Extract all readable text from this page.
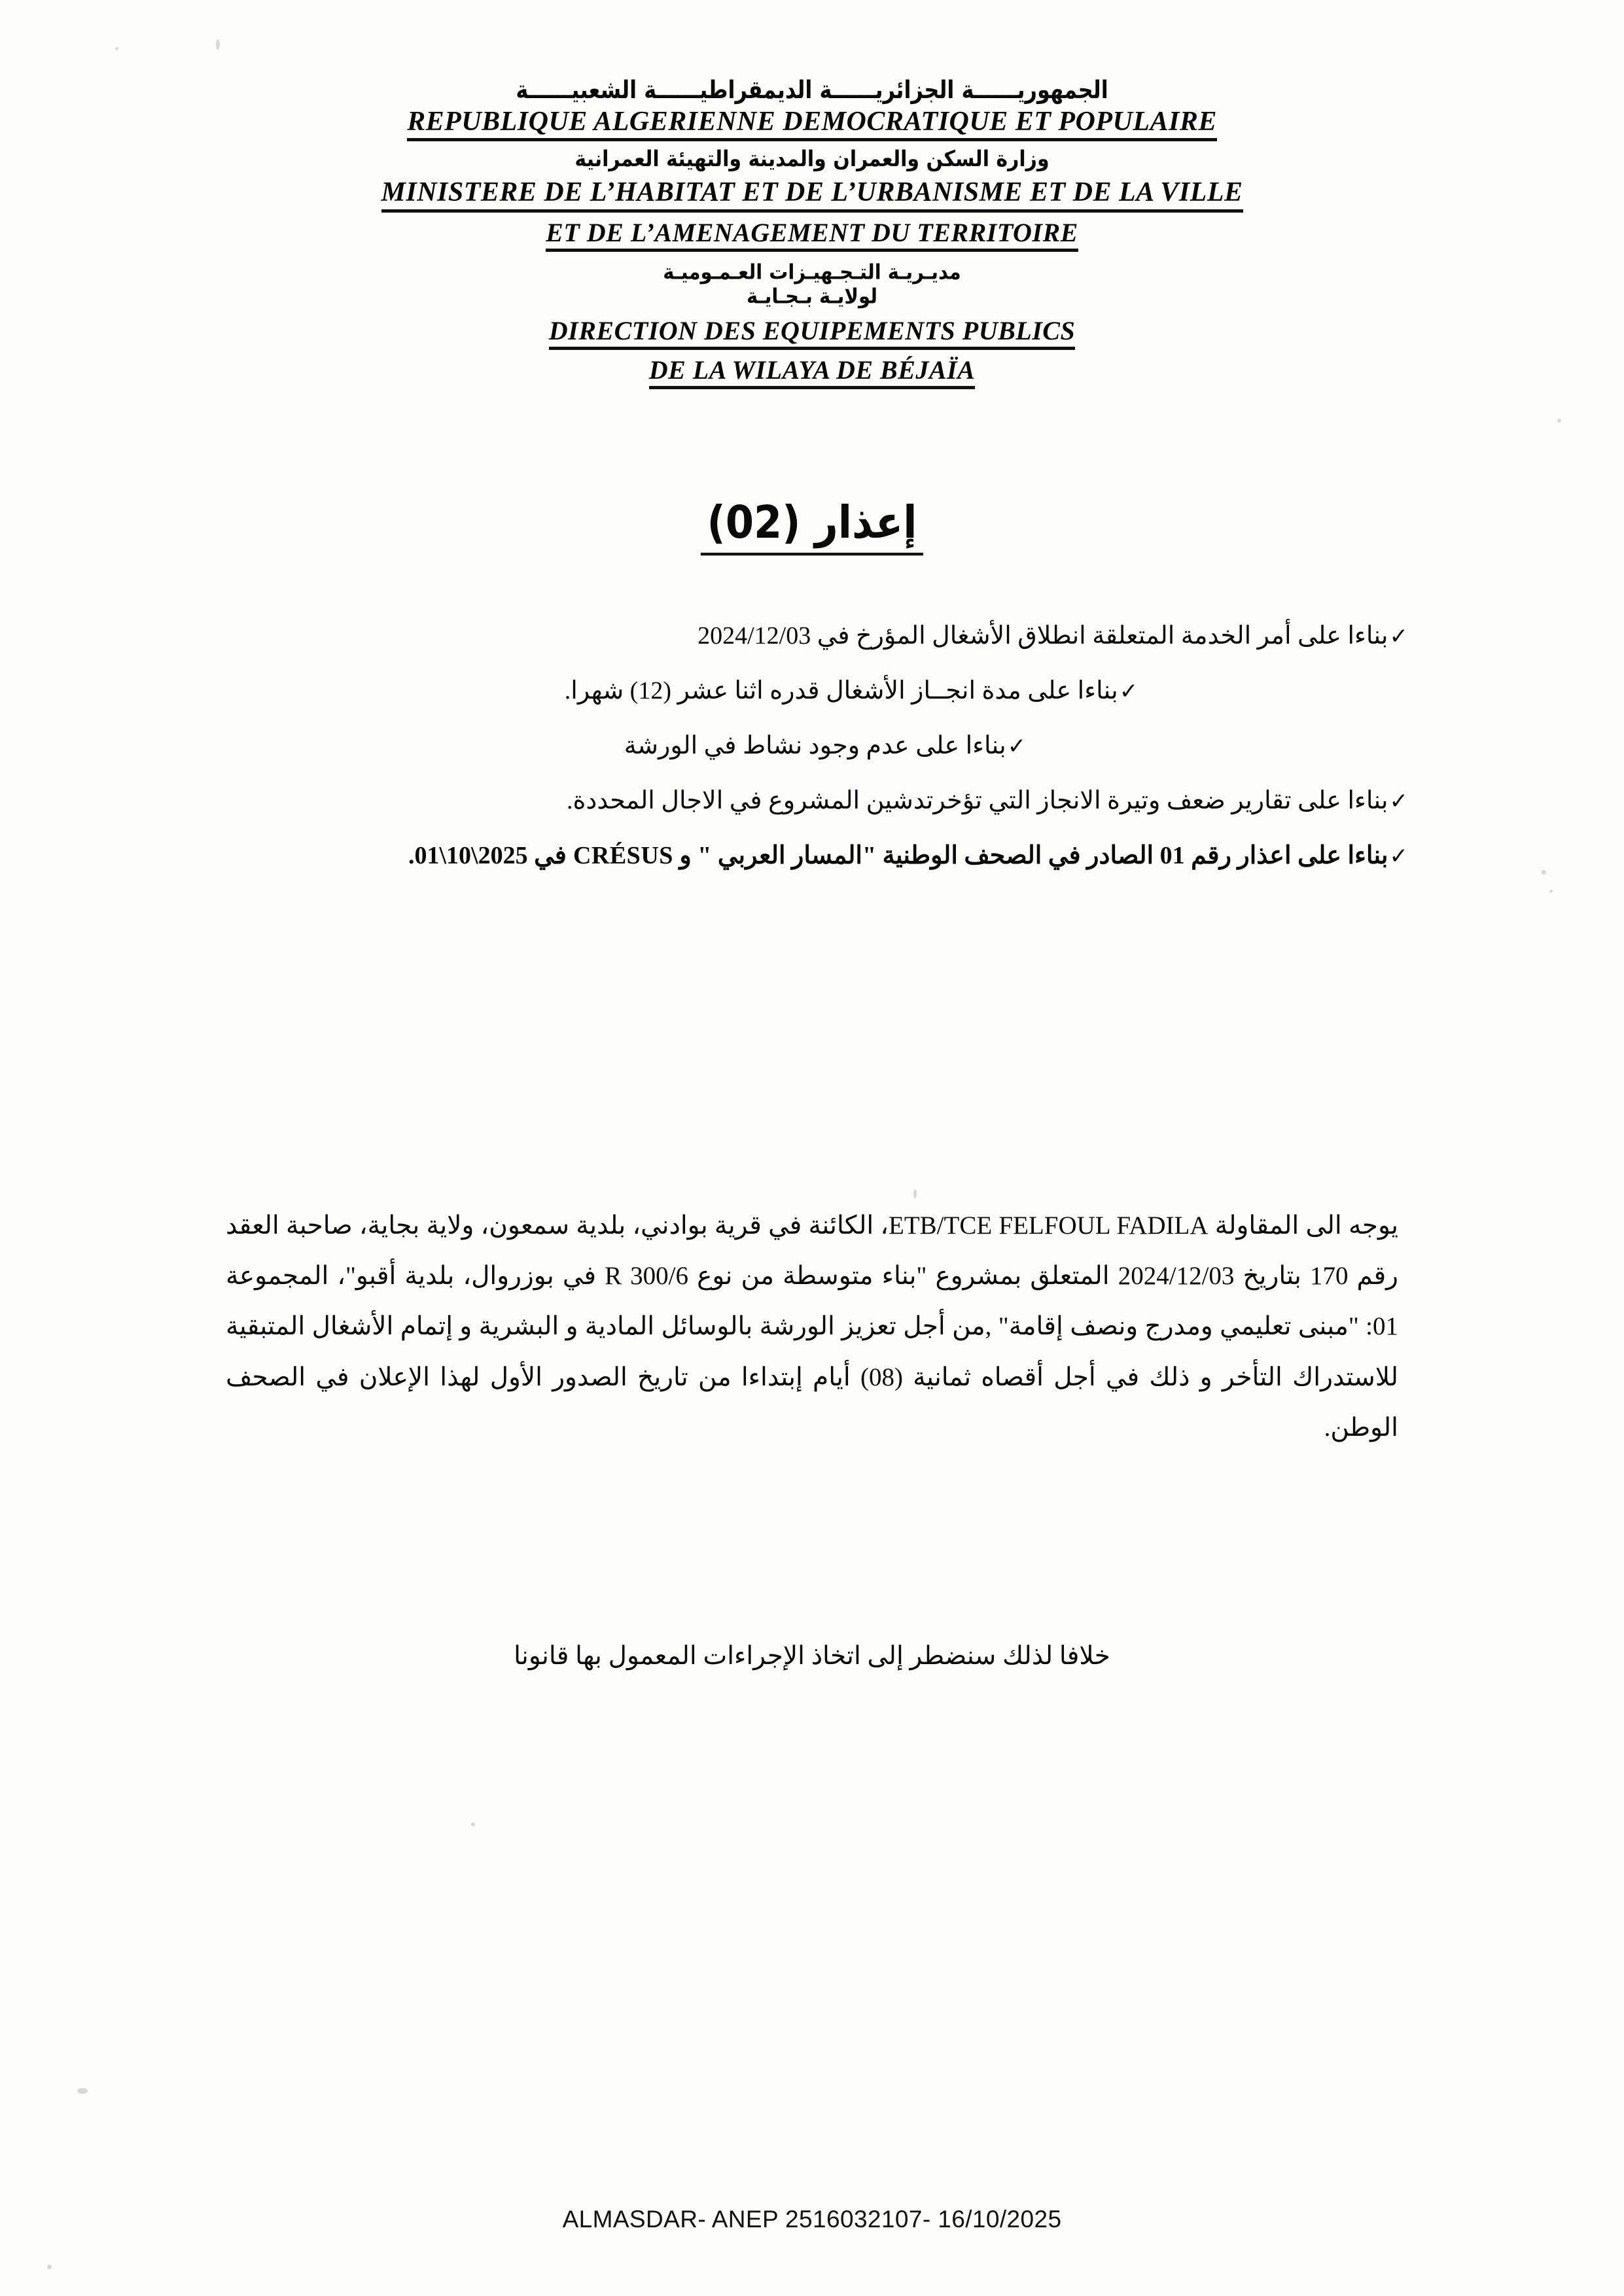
الجمهوريــــــة الجزائريــــــة الديمقراطيــــــة الشعبيــــــة
REPUBLIQUE ALGERIENNE DEMOCRATIQUE ET POPULAIRE
وزارة السكن والعمران والمدينة والتهيئة العمرانية
MINISTERE DE L’HABITAT ET DE L’URBANISME ET DE LA VILLE
ET DE L’AMENAGEMENT DU TERRITOIRE
مديـريـة التـجـهيـزات العـمـوميـة
لولايـة بـجـايـة
DIRECTION DES EQUIPEMENTS PUBLICS
DE LA WILAYA DE BÉJAÏA
إعذار (02)
✓بناءا على أمر الخدمة المتعلقة انطلاق الأشغال المؤرخ في 2024/12/03
✓بناءا على مدة انجــاز الأشغال قدره اثنا عشر (12) شهرا.
✓بناءا على عدم وجود نشاط في الورشة
✓بناءا على تقارير ضعف وتيرة الانجاز التي تؤخرتدشين المشروع في الاجال المحددة.
✓بناءا على اعذار رقم 01 الصادر في الصحف الوطنية "المسار العربي " و CRÉSUS في 2025\10\01.
يوجه الى المقاولة ETB/TCE FELFOUL FADILA، الكائنة في قرية بوادني، بلدية سمعون، ولاية بجاية، صاحبة العقد رقم 170 بتاريخ 2024/12/03 المتعلق بمشروع "بناء متوسطة من نوع R 300/6 في بوزروال، بلدية أقبو"، المجموعة 01: "مبنى تعليمي ومدرج ونصف إقامة" ,من أجل تعزيز الورشة بالوسائل المادية و البشرية و إتمام الأشغال المتبقية للاستدراك التأخر و ذلك في أجل أقصاه ثمانية (08) أيام إبتداءا من تاريخ الصدور الأول لهذا الإعلان في الصحف الوطن.
خلافا لذلك سنضطر إلى اتخاذ الإجراءات المعمول بها قانونا
ALMASDAR- ANEP 2516032107- 16/10/2025
